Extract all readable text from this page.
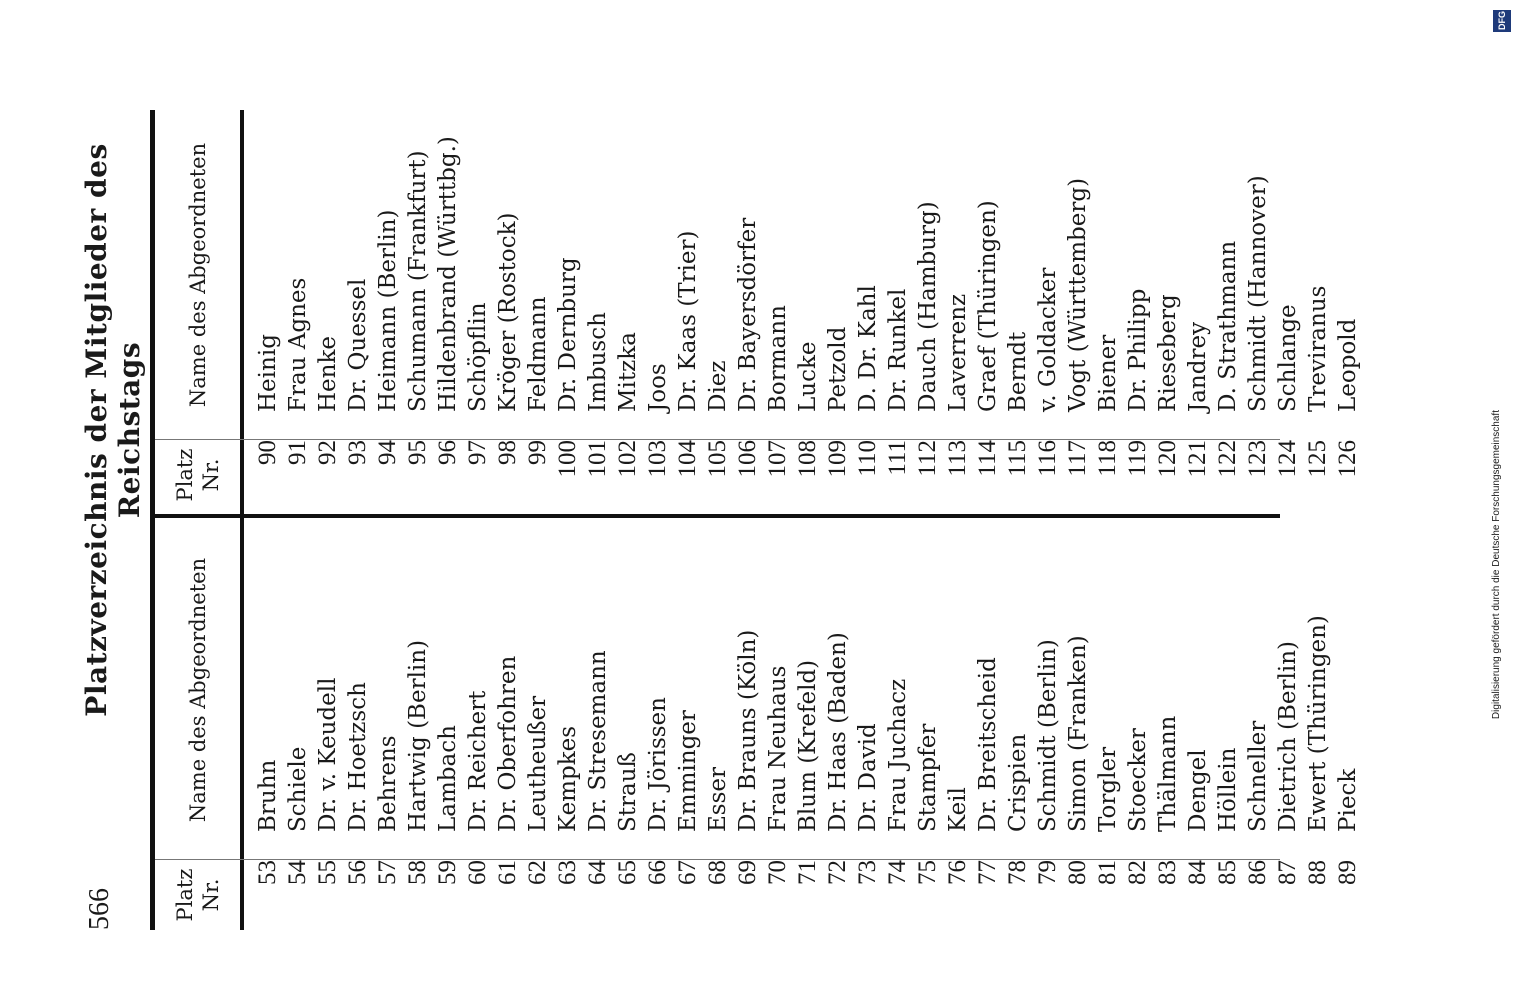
566
Platzverzeichnis der Mitglieder des Reichstags
Platz Nr.
Name des Abgeordneten
Platz Nr.
Name des Abgeordneten
53
Bruhn
54
Schiele
55
Dr. v. Keudell
56
Dr. Hoetzsch
57
Behrens
58
Hartwig (Berlin)
59
Lambach
60
Dr. Reichert
61
Dr. Oberfohren
62
Leutheußer
63
Kempkes
64
Dr. Stresemann
65
Strauß
66
Dr. Jörissen
67
Emminger
68
Esser
69
Dr. Brauns (Köln)
70
Frau Neuhaus
71
Blum (Krefeld)
72
Dr. Haas (Baden)
73
Dr. David
74
Frau Juchacz
75
Stampfer
76
Keil
77
Dr. Breitscheid
78
Crispien
79
Schmidt (Berlin)
80
Simon (Franken)
81
Torgler
82
Stoecker
83
Thälmann
84
Dengel
85
Höllein
86
Schneller
87
Dietrich (Berlin)
88
Ewert (Thüringen)
89
Pieck
90
Heinig
91
Frau Agnes
92
Henke
93
Dr. Quessel
94
Heimann (Berlin)
95
Schumann (Frankfurt)
96
Hildenbrand (Württbg.)
97
Schöpflin
98
Kröger (Rostock)
99
Feldmann
100
Dr. Dernburg
101
Imbusch
102
Mitzka
103
Joos
104
Dr. Kaas (Trier)
105
Diez
106
Dr. Bayersdörfer
107
Bormann
108
Lucke
109
Petzold
110
D. Dr. Kahl
111
Dr. Runkel
112
Dauch (Hamburg)
113
Laverrenz
114
Graef (Thüringen)
115
Berndt
116
v. Goldacker
117
Vogt (Württemberg)
118
Biener
119
Dr. Philipp
120
Rieseberg
121
Jandrey
122
D. Strathmann
123
Schmidt (Hannover)
124
Schlange
125
Treviranus
126
Leopold
DFG
Digitalisierung gefördert durch die Deutsche Forschungsgemeinschaft
